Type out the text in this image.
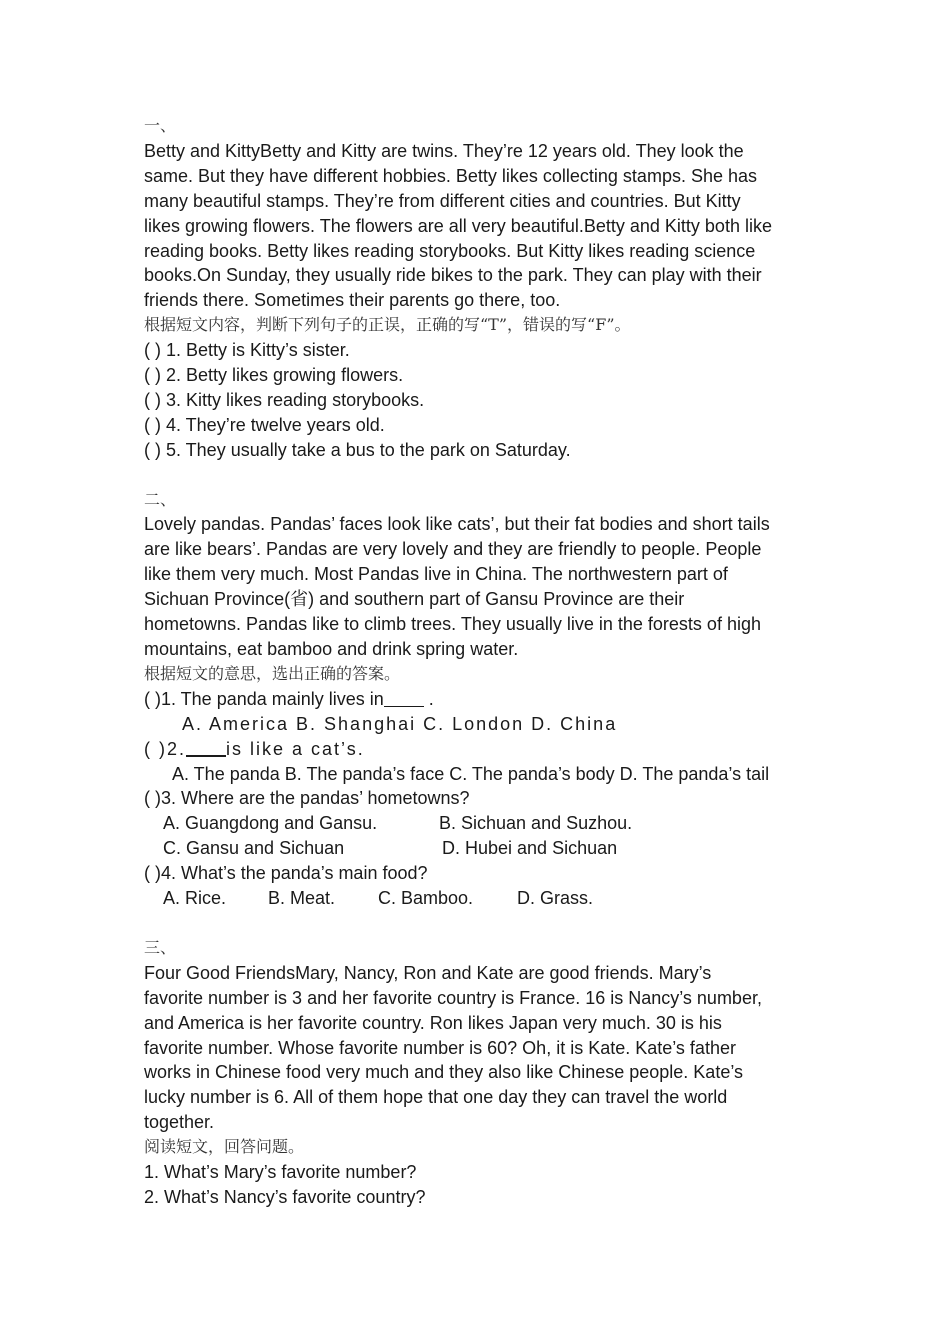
一、
Betty and KittyBetty and Kitty are twins. They’re 12 years old. They look the
same. But they have different hobbies. Betty likes collecting stamps. She has
many beautiful stamps. They’re from different cities and countries. But Kitty
likes growing flowers. The flowers are all very beautiful.Betty and Kitty both like
reading books. Betty likes reading storybooks. But Kitty likes reading science
books.On Sunday, they usually ride bikes to the park. They can play with their
friends there. Sometimes their parents go there, too.
根据短文内容，判断下列句子的正误，正确的写“T”，错误的写“F”。
( ) 1. Betty is Kitty’s sister.
( ) 2. Betty likes growing flowers.
( ) 3. Kitty likes reading storybooks.
( ) 4. They’re twelve years old.
( ) 5. They usually take a bus to the park on Saturday.
二、
Lovely pandas. Pandas’ faces look like cats’, but their fat bodies and short tails
are like bears’. Pandas are very lovely and they are friendly to people. People
like them very much. Most Pandas live in China. The northwestern part of
Sichuan Province(省) and southern part of Gansu Province are their
hometowns. Pandas like to climb trees. They usually live in the forests of high
mountains, eat bamboo and drink spring water.
根据短文的意思，选出正确的答案。
( )1. The panda mainly lives in .
A. America B. Shanghai C. London D. China
( )2. is like a cat’s.
A. The panda B. The panda’s face C. The panda’s body D. The panda’s tail
( )3. Where are the pandas’ hometowns?
A. Guangdong and Gansu.	B. Sichuan and Suzhou.
C. Gansu and Sichuan	D. Hubei and Sichuan
( )4. What’s the panda’s main food?
A. Rice. B. Meat. C. Bamboo. D. Grass.
三、
Four Good FriendsMary, Nancy, Ron and Kate are good friends. Mary’s
favorite number is 3 and her favorite country is France. 16 is Nancy’s number,
and America is her favorite country. Ron likes Japan very much. 30 is his
favorite number. Whose favorite number is 60? Oh, it is Kate. Kate’s father
works in Chinese food very much and they also like Chinese people. Kate’s
lucky number is 6. All of them hope that one day they can travel the world
together.
阅读短文，回答问题。
1. What’s Mary’s favorite number?
2. What’s Nancy’s favorite country?
